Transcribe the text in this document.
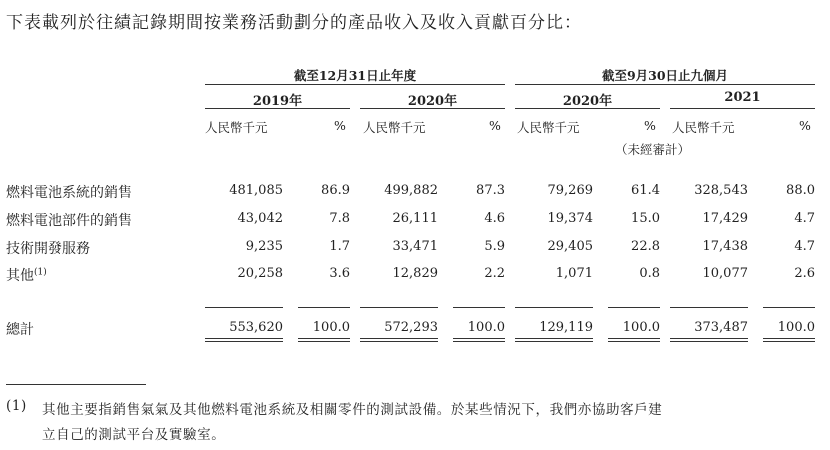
下表載列於往績記錄期間按業務活動劃分的產品收入及收入貢獻百分比：
截至12月31日止年度	截至9月30日止九個月
2019年	2020年	2020年	2021
人民幣千元	% 人民幣千元	% 人民幣千元	% 人民幣千元	%
（未經審計）
燃料電池系統的銷售	481,085	86.9	499,882	87.3	79,269	61.4	328,543	88.0
燃料電池部件的銷售	43,042	7.8	26,111	4.6	19,374	15.0	17,429	4.7
技術開發服務	9,235	1.7	33,471	5.9	29,405	22.8	17,438	4.7
其他$^{(1)}$	20,258	3.6	12,829	2.2	1,071	0.8	10,077	2.6
總計	553,620	100.0	572,293	100.0	129,119	100.0	373,487	100.0
(1) 其他主要指銷售氣氣及其他燃料電池系統及相關零件的測試設備。於某些情況下，我們亦協助客戶建
立自己的測試平台及實驗室。
